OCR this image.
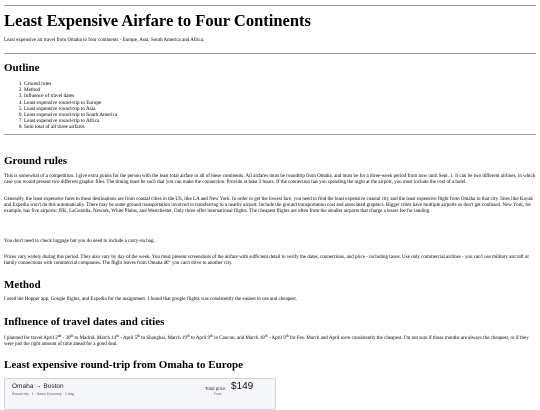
Least Expensive Airfare to Four Continents

Least expensive air travel from Omaha to four continents - Europe, Asia, South America and Africa.

Outline
1. Ground rules
2. Method
3. Influence of travel dates
4. Least expensive round-trip to Europe
5. Least expensive round-trip to Asia
6. Least expensive round-trip to South America
7. Least expensive round-trip to Africa
8. Sum total of all three airfares
Ground rules

This is somewhat of a competition. I give extra points for the person with the least total airfare to all of these continents. All airfares must be roundtrip from Omaha, and must be for a three-week period from now until Sept. 1. It can be two different airlines, in which case you would present two different graphic files. The timing must be such that you can make the connection. Provide at least 3 hours. If the connection has you spending the night at the airport, you must include the cost of a hotel.

Generally, the least expensive fares to these destinations are from coastal cities in the US, like LA and New York. In order to get the lowest fare, you need to find the least expensive coastal city and the least expensive flight from Omaha to that city. Sites like Kayak and Expedia won't do this automatically. There may be some ground transportation involved in transferring to a nearby airport. Include the ground transportation cost and associated graphics. Bigger cities have multiple airports so don't get confused. New York, for example, has five airports: JFK, LaGuardia, Newark, White Plains, and Westchester. Only three offer international flights. The cheapest flights are often from the smaller airports that charge a lesser fee for landing.

You don't need to check luggage but you do need to include a carry-on bag.

Prices vary widely during this period. They also vary by day of the week. You must present screenshots of the airfare with sufficient detail to verify the dates, connections, and price - including taxes. Use only commercial airlines - you can't use military aircraft or family connections with commercial companies. The flight leaves from Omaha â€“ you can't drive to another city.

Method

I used the Hopper app, Google flights, and Expedia for the assignment. I found that google flights was consistently the easiest to use and cheapest.

Influence of travel dates and cities

I planned for travel April 2nd - 30th to Madrid, March 14th - April 5th to Shanghai, March 19th to April 9th in Cancun, and March 18th - April 9th for Fes. March and April were consistently the cheapest. I'm not sure if those months are always the cheapest, or if they were just the right amount of time ahead for a good deal.

Least expensive round-trip from Omaha to Europe
Omaha → Boston
Round trip · 1 · Basic Economy · 1 bag
Total price
From
$149
